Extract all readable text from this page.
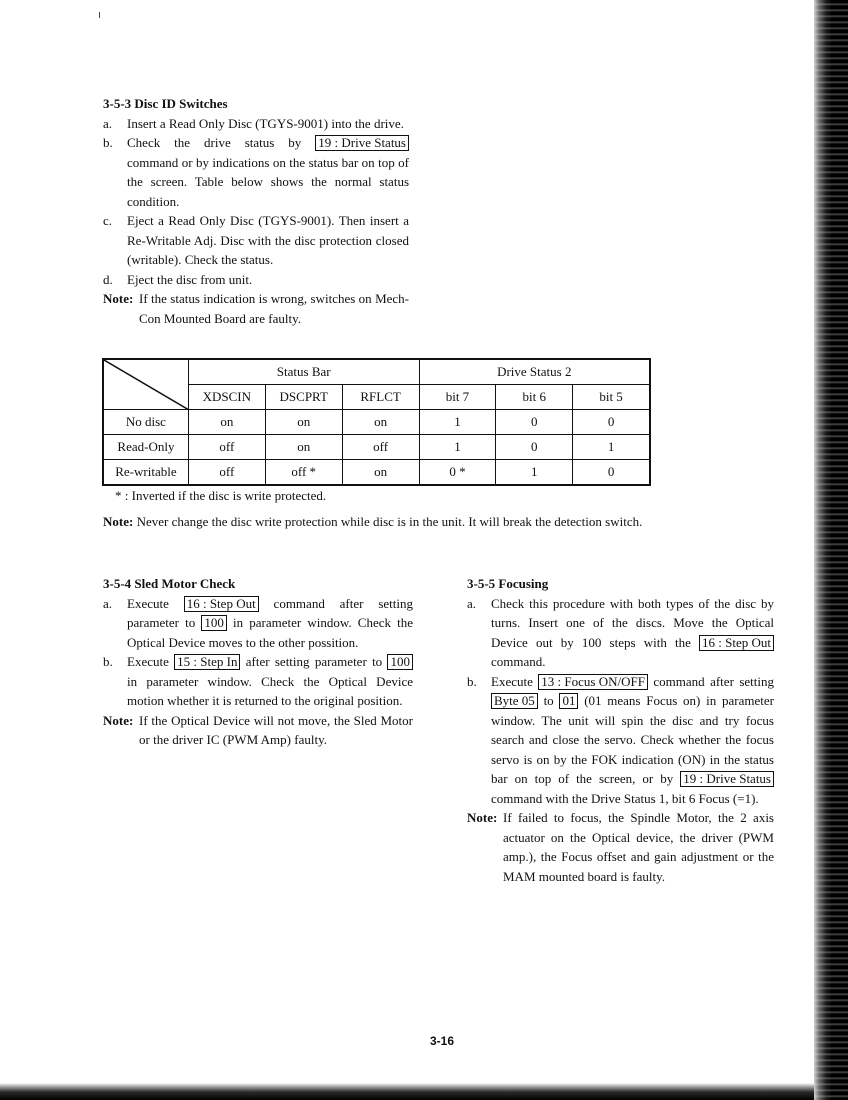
3-5-3 Disc ID Switches
a. Insert a Read Only Disc (TGYS-9001) into the drive.
b. Check the drive status by 19 : Drive Status command or by indications on the status bar on top of the screen. Table below shows the normal status condition.
c. Eject a Read Only Disc (TGYS-9001). Then insert a Re-Writable Adj. Disc with the disc protection closed (writable). Check the status.
d. Eject the disc from unit.
Note: If the status indication is wrong, switches on Mech-Con Mounted Board are faulty.
	Status Bar			Drive Status 2		
	XDSCIN	DSCPRT	RFLCT	bit 7	bit 6	bit 5
No disc	on	on	on	1	0	0
Read-Only	off	on	off	1	0	1
Re-writable	off	off *	on	0 *	1	0
* : Inverted if the disc is write protected.
Note: Never change the disc write protection while disc is in the unit. It will break the detection switch.
3-5-4 Sled Motor Check
a. Execute 16 : Step Out command after setting parameter to 100 in parameter window. Check the Optical Device moves to the other possition.
b. Execute 15 : Step In after setting parameter to 100 in parameter window. Check the Optical Device motion whether it is returned to the original position.
Note: If the Optical Device will not move, the Sled Motor or the driver IC (PWM Amp) faulty.
3-5-5 Focusing
a. Check this procedure with both types of the disc by turns. Insert one of the discs. Move the Optical Device out by 100 steps with the 16 : Step Out command.
b. Execute 13 : Focus ON/OFF command after setting Byte 05 to 01 (01 means Focus on) in parameter window. The unit will spin the disc and try focus search and close the servo. Check whether the focus servo is on by the FOK indication (ON) in the status bar on top of the screen, or by 19 : Drive Status command with the Drive Status 1, bit 6 Focus (=1).
Note: If failed to focus, the Spindle Motor, the 2 axis actuator on the Optical device, the driver (PWM amp.), the Focus offset and gain adjustment or the MAM mounted board is faulty.
3-16
